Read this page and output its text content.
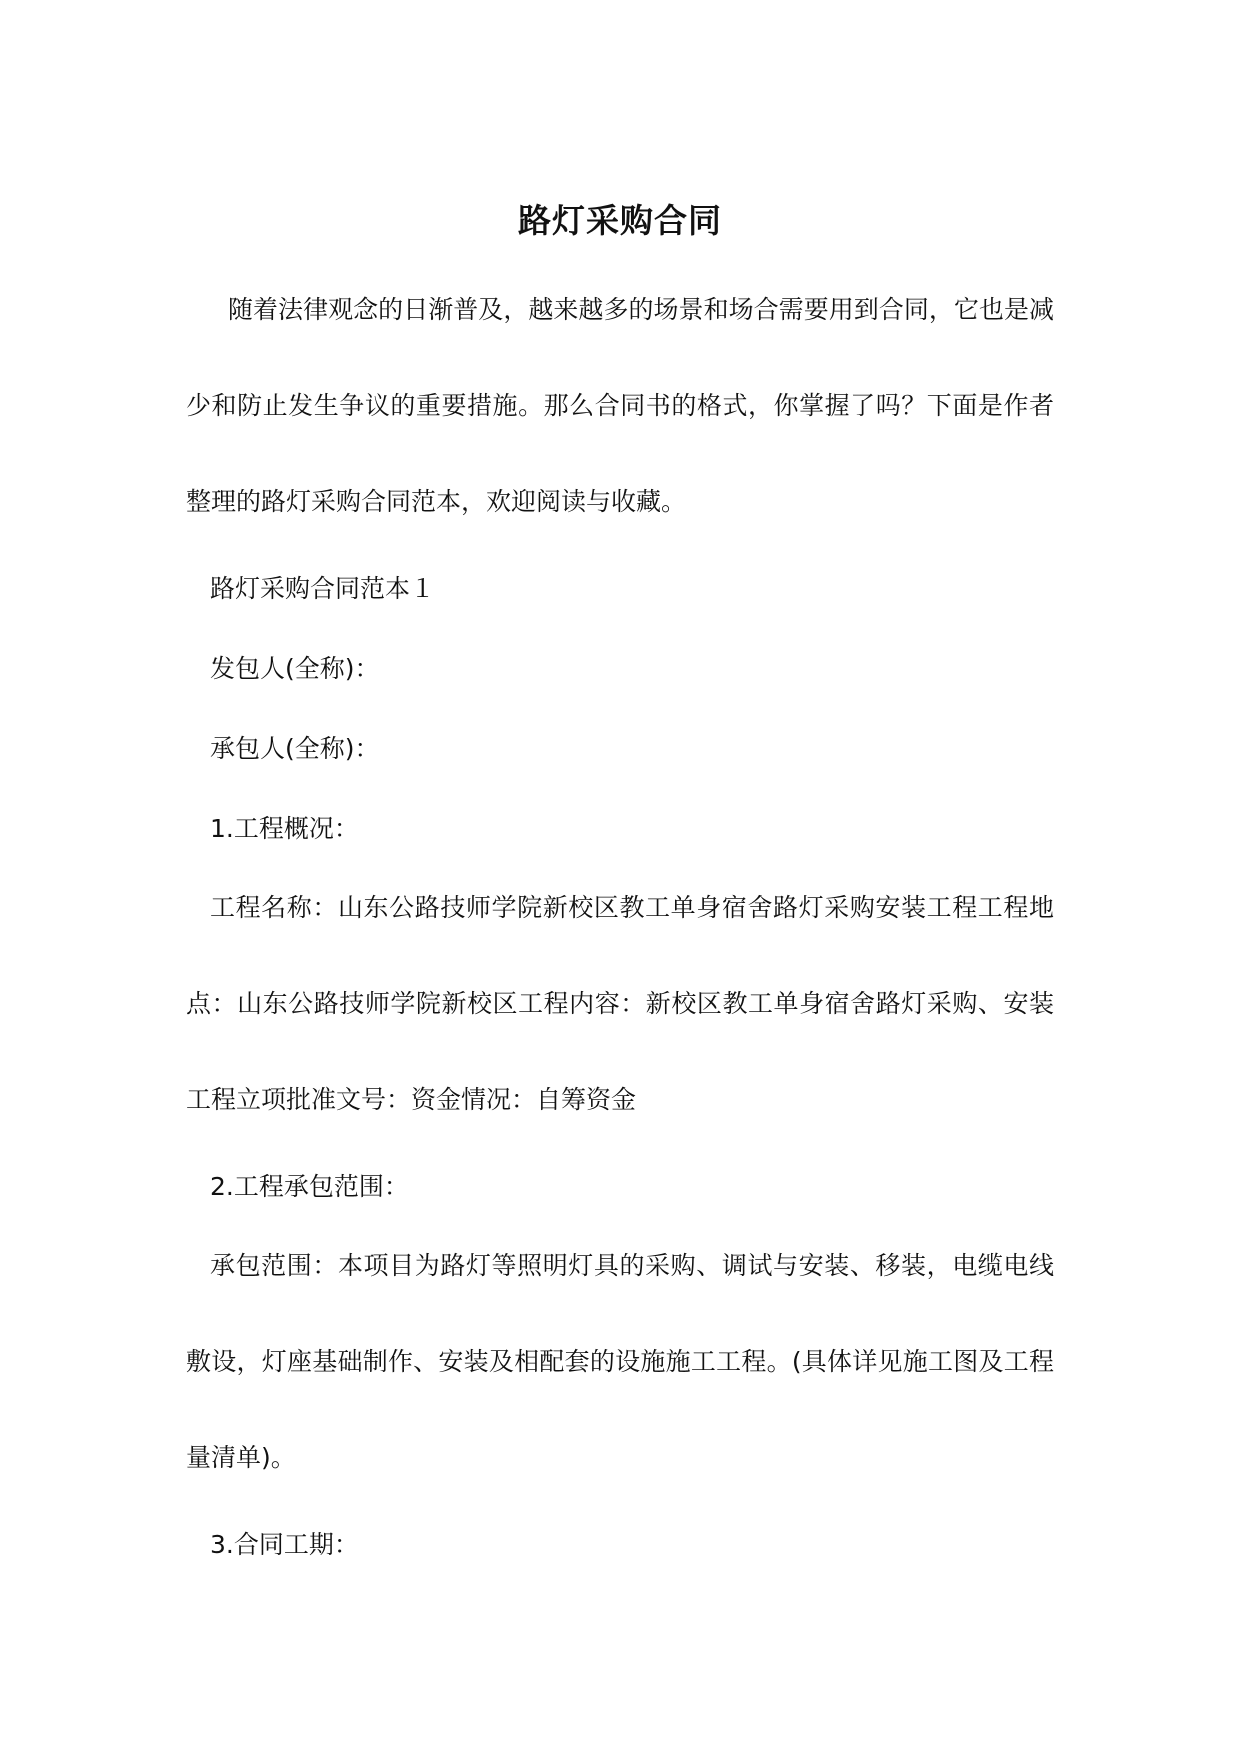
路灯采购合同

随着法律观念的日渐普及，越来越多的场景和场合需要用到合同，它也是减少和防止发生争议的重要措施。那么合同书的格式，你掌握了吗？下面是作者整理的路灯采购合同范本，欢迎阅读与收藏。

路灯采购合同范本１
发包人(全称)：
承包人(全称)：
1.工程概况：

工程名称：山东公路技师学院新校区教工单身宿舍路灯采购安装工程工程地点：山东公路技师学院新校区工程内容：新校区教工单身宿舍路灯采购、安装工程立项批准文号：资金情况：自筹资金

2.工程承包范围：

承包范围：本项目为路灯等照明灯具的采购、调试与安装、移装，电缆电线敷设，灯座基础制作、安装及相配套的设施施工工程。(具体详见施工图及工程量清单)。

3.合同工期：
